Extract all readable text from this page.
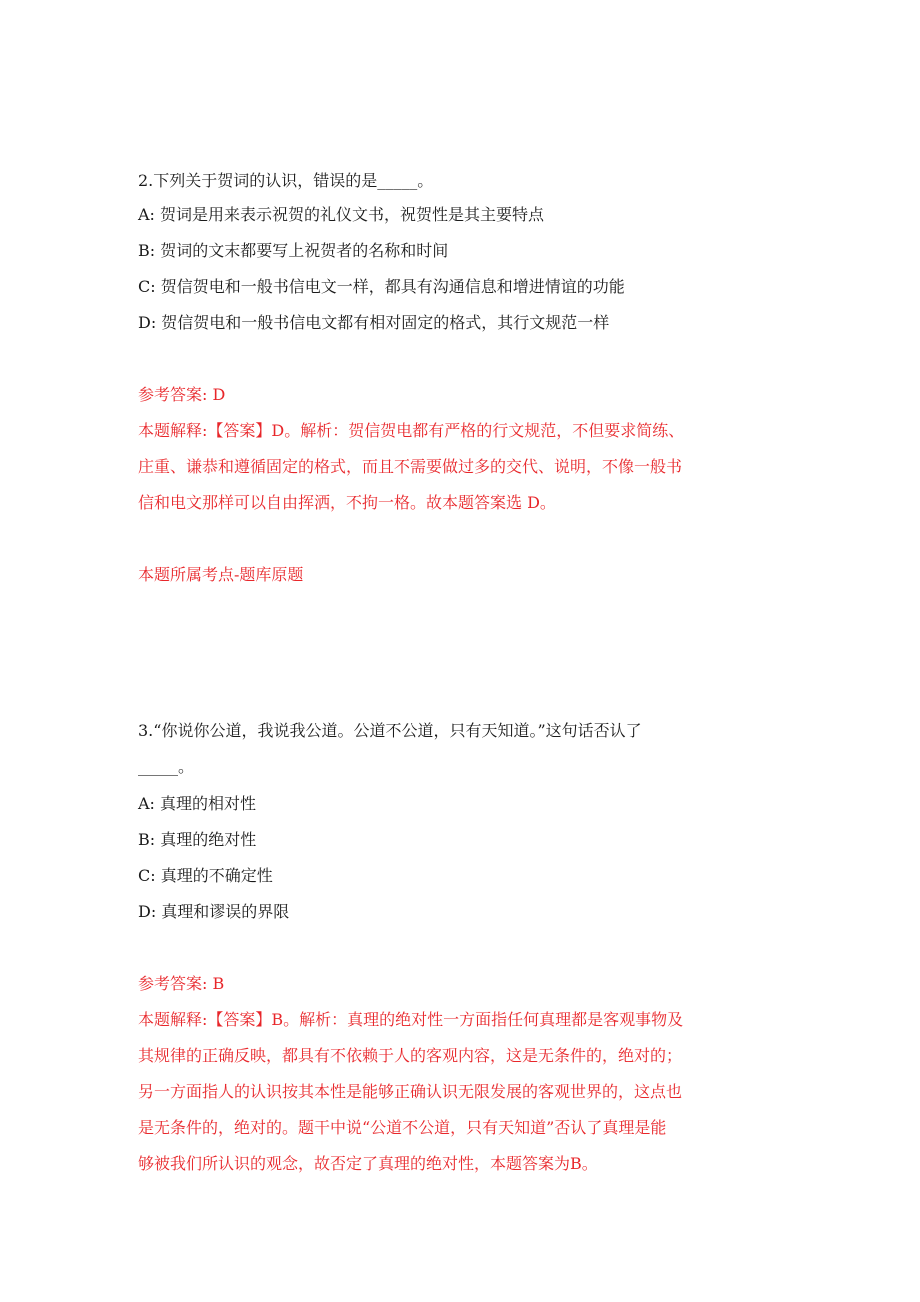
2.下列关于贺词的认识，错误的是_____。
A: 贺词是用来表示祝贺的礼仪文书，祝贺性是其主要特点
B: 贺词的文末都要写上祝贺者的名称和时间
C: 贺信贺电和一般书信电文一样，都具有沟通信息和增进情谊的功能
D: 贺信贺电和一般书信电文都有相对固定的格式，其行文规范一样
参考答案: D
本题解释:【答案】D。解析：贺信贺电都有严格的行文规范，不但要求简练、
庄重、谦恭和遵循固定的格式，而且不需要做过多的交代、说明，不像一般书
信和电文那样可以自由挥洒，不拘一格。故本题答案选 D。
本题所属考点-题库原题
3.“你说你公道，我说我公道。公道不公道，只有天知道。”这句话否认了
_____。
A: 真理的相对性
B: 真理的绝对性
C: 真理的不确定性
D: 真理和谬误的界限
参考答案: B
本题解释:【答案】B。解析：真理的绝对性一方面指任何真理都是客观事物及
其规律的正确反映，都具有不依赖于人的客观内容，这是无条件的，绝对的；
另一方面指人的认识按其本性是能够正确认识无限发展的客观世界的，这点也
是无条件的，绝对的。题干中说“公道不公道，只有天知道”否认了真理是能
够被我们所认识的观念，故否定了真理的绝对性，本题答案为B。
